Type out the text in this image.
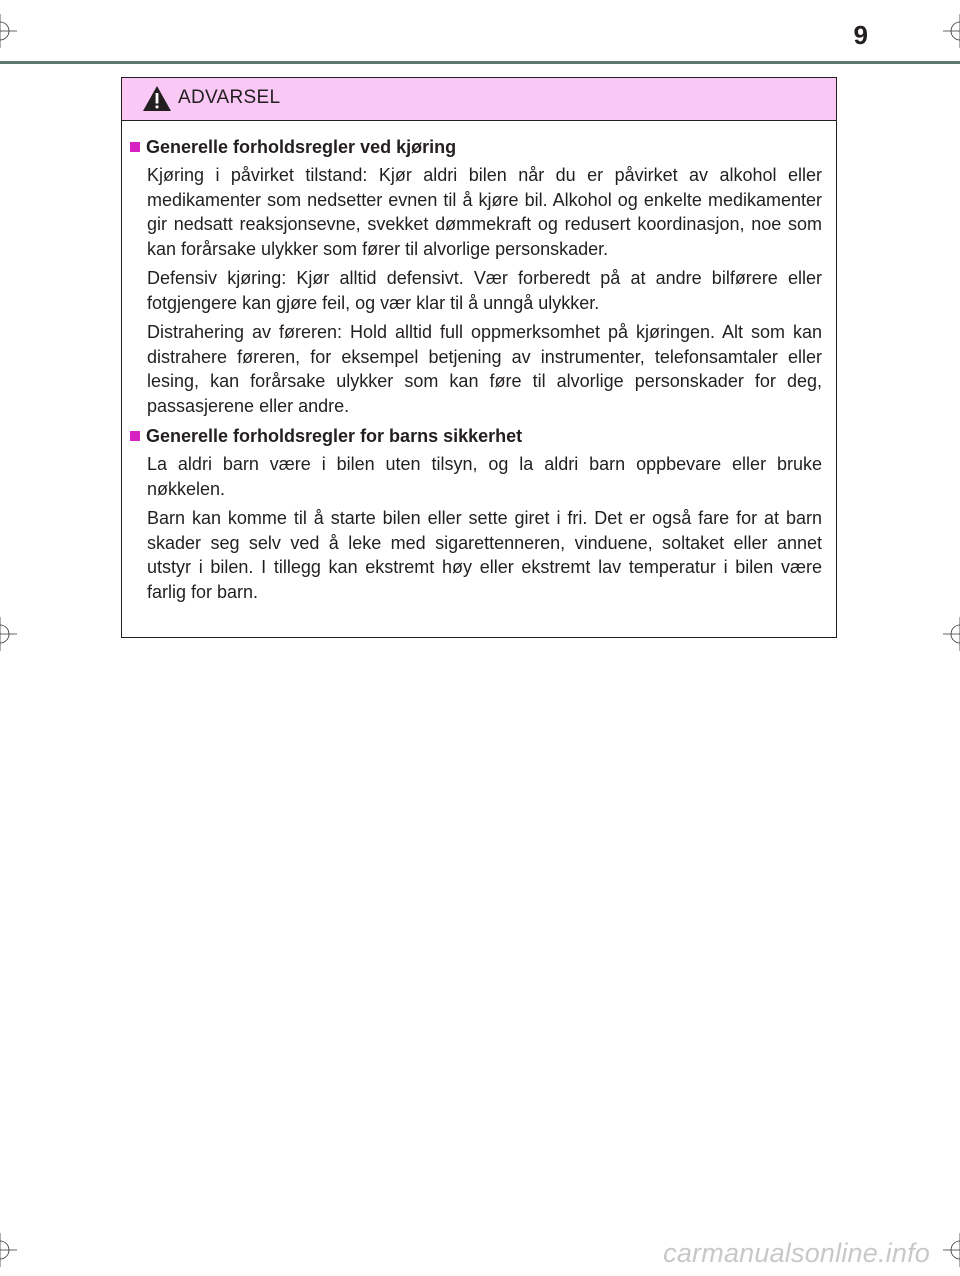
9
ADVARSEL

Generelle forholdsregler ved kjøring

Kjøring i påvirket tilstand: Kjør aldri bilen når du er påvirket av alkohol eller medikamenter som nedsetter evnen til å kjøre bil. Alkohol og enkelte medikamenter gir nedsatt reaksjonsevne, svekket dømmekraft og redusert koordinasjon, noe som kan forårsake ulykker som fører til alvorlige personskader.

Defensiv kjøring: Kjør alltid defensivt. Vær forberedt på at andre bilførere eller fotgjengere kan gjøre feil, og vær klar til å unngå ulykker.

Distrahering av føreren: Hold alltid full oppmerksomhet på kjøringen. Alt som kan distrahere føreren, for eksempel betjening av instrumenter, telefonsamtaler eller lesing, kan forårsake ulykker som kan føre til alvorlige personskader for deg, passasjerene eller andre.

Generelle forholdsregler for barns sikkerhet

La aldri barn være i bilen uten tilsyn, og la aldri barn oppbevare eller bruke nøkkelen.

Barn kan komme til å starte bilen eller sette giret i fri. Det er også fare for at barn skader seg selv ved å leke med sigarettenneren, vinduene, soltaket eller annet utstyr i bilen. I tillegg kan ekstremt høy eller ekstremt lav temperatur i bilen være farlig for barn.

carmanualsonline.info
